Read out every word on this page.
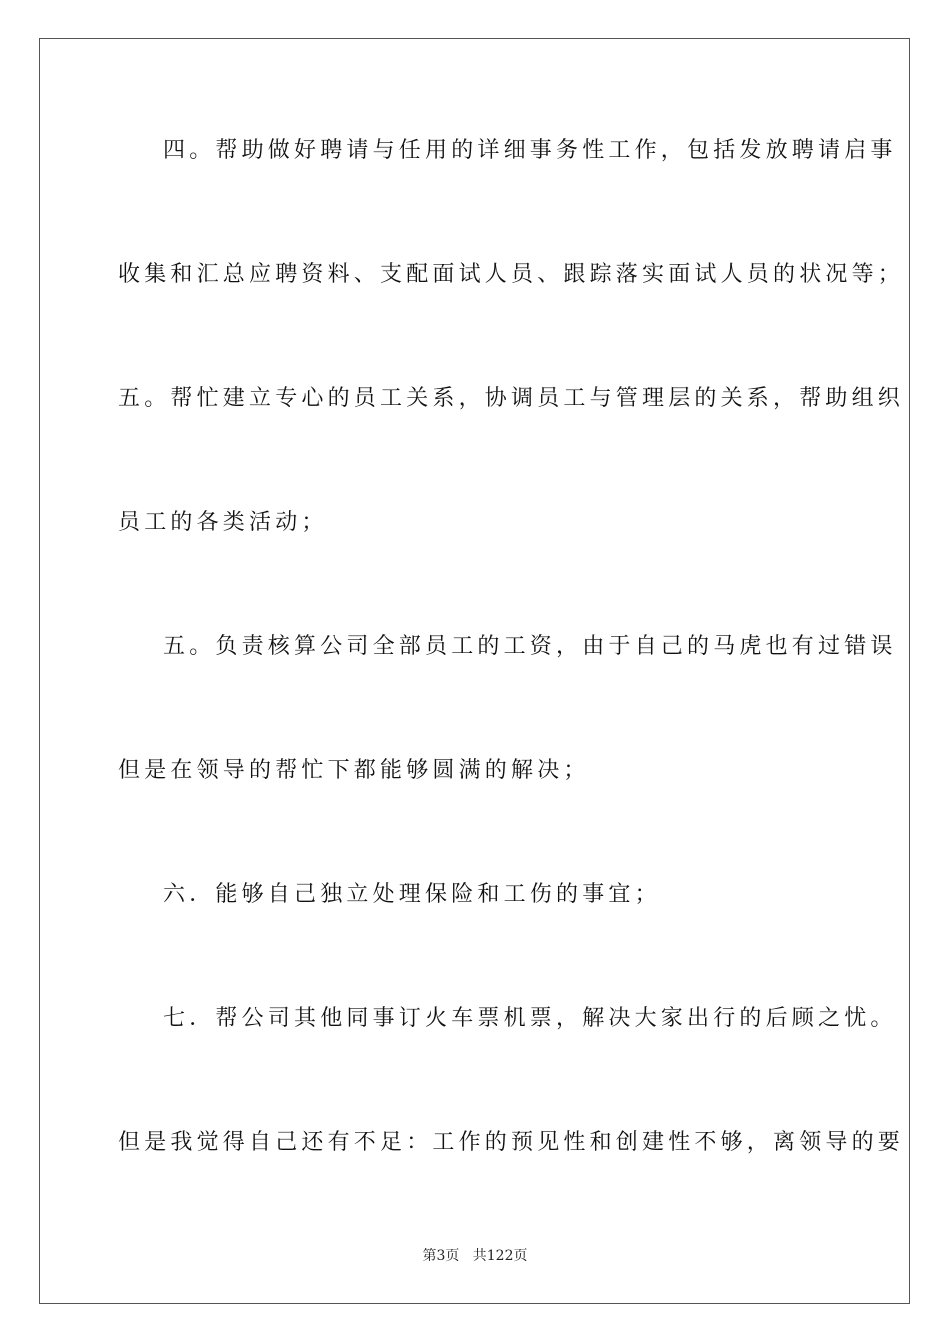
四。帮助做好聘请与任用的详细事务性工作，包括发放聘请启事
收集和汇总应聘资料、支配面试人员、跟踪落实面试人员的状况等；
五。帮忙建立专心的员工关系，协调员工与管理层的关系，帮助组织
员工的各类活动；
五。负责核算公司全部员工的工资，由于自己的马虎也有过错误
但是在领导的帮忙下都能够圆满的解决；
六．能够自己独立处理保险和工伤的事宜；
七．帮公司其他同事订火车票机票，解决大家出行的后顾之忧。
但是我觉得自己还有不足：工作的预见性和创建性不够，离领导的要
第3页   共122页
